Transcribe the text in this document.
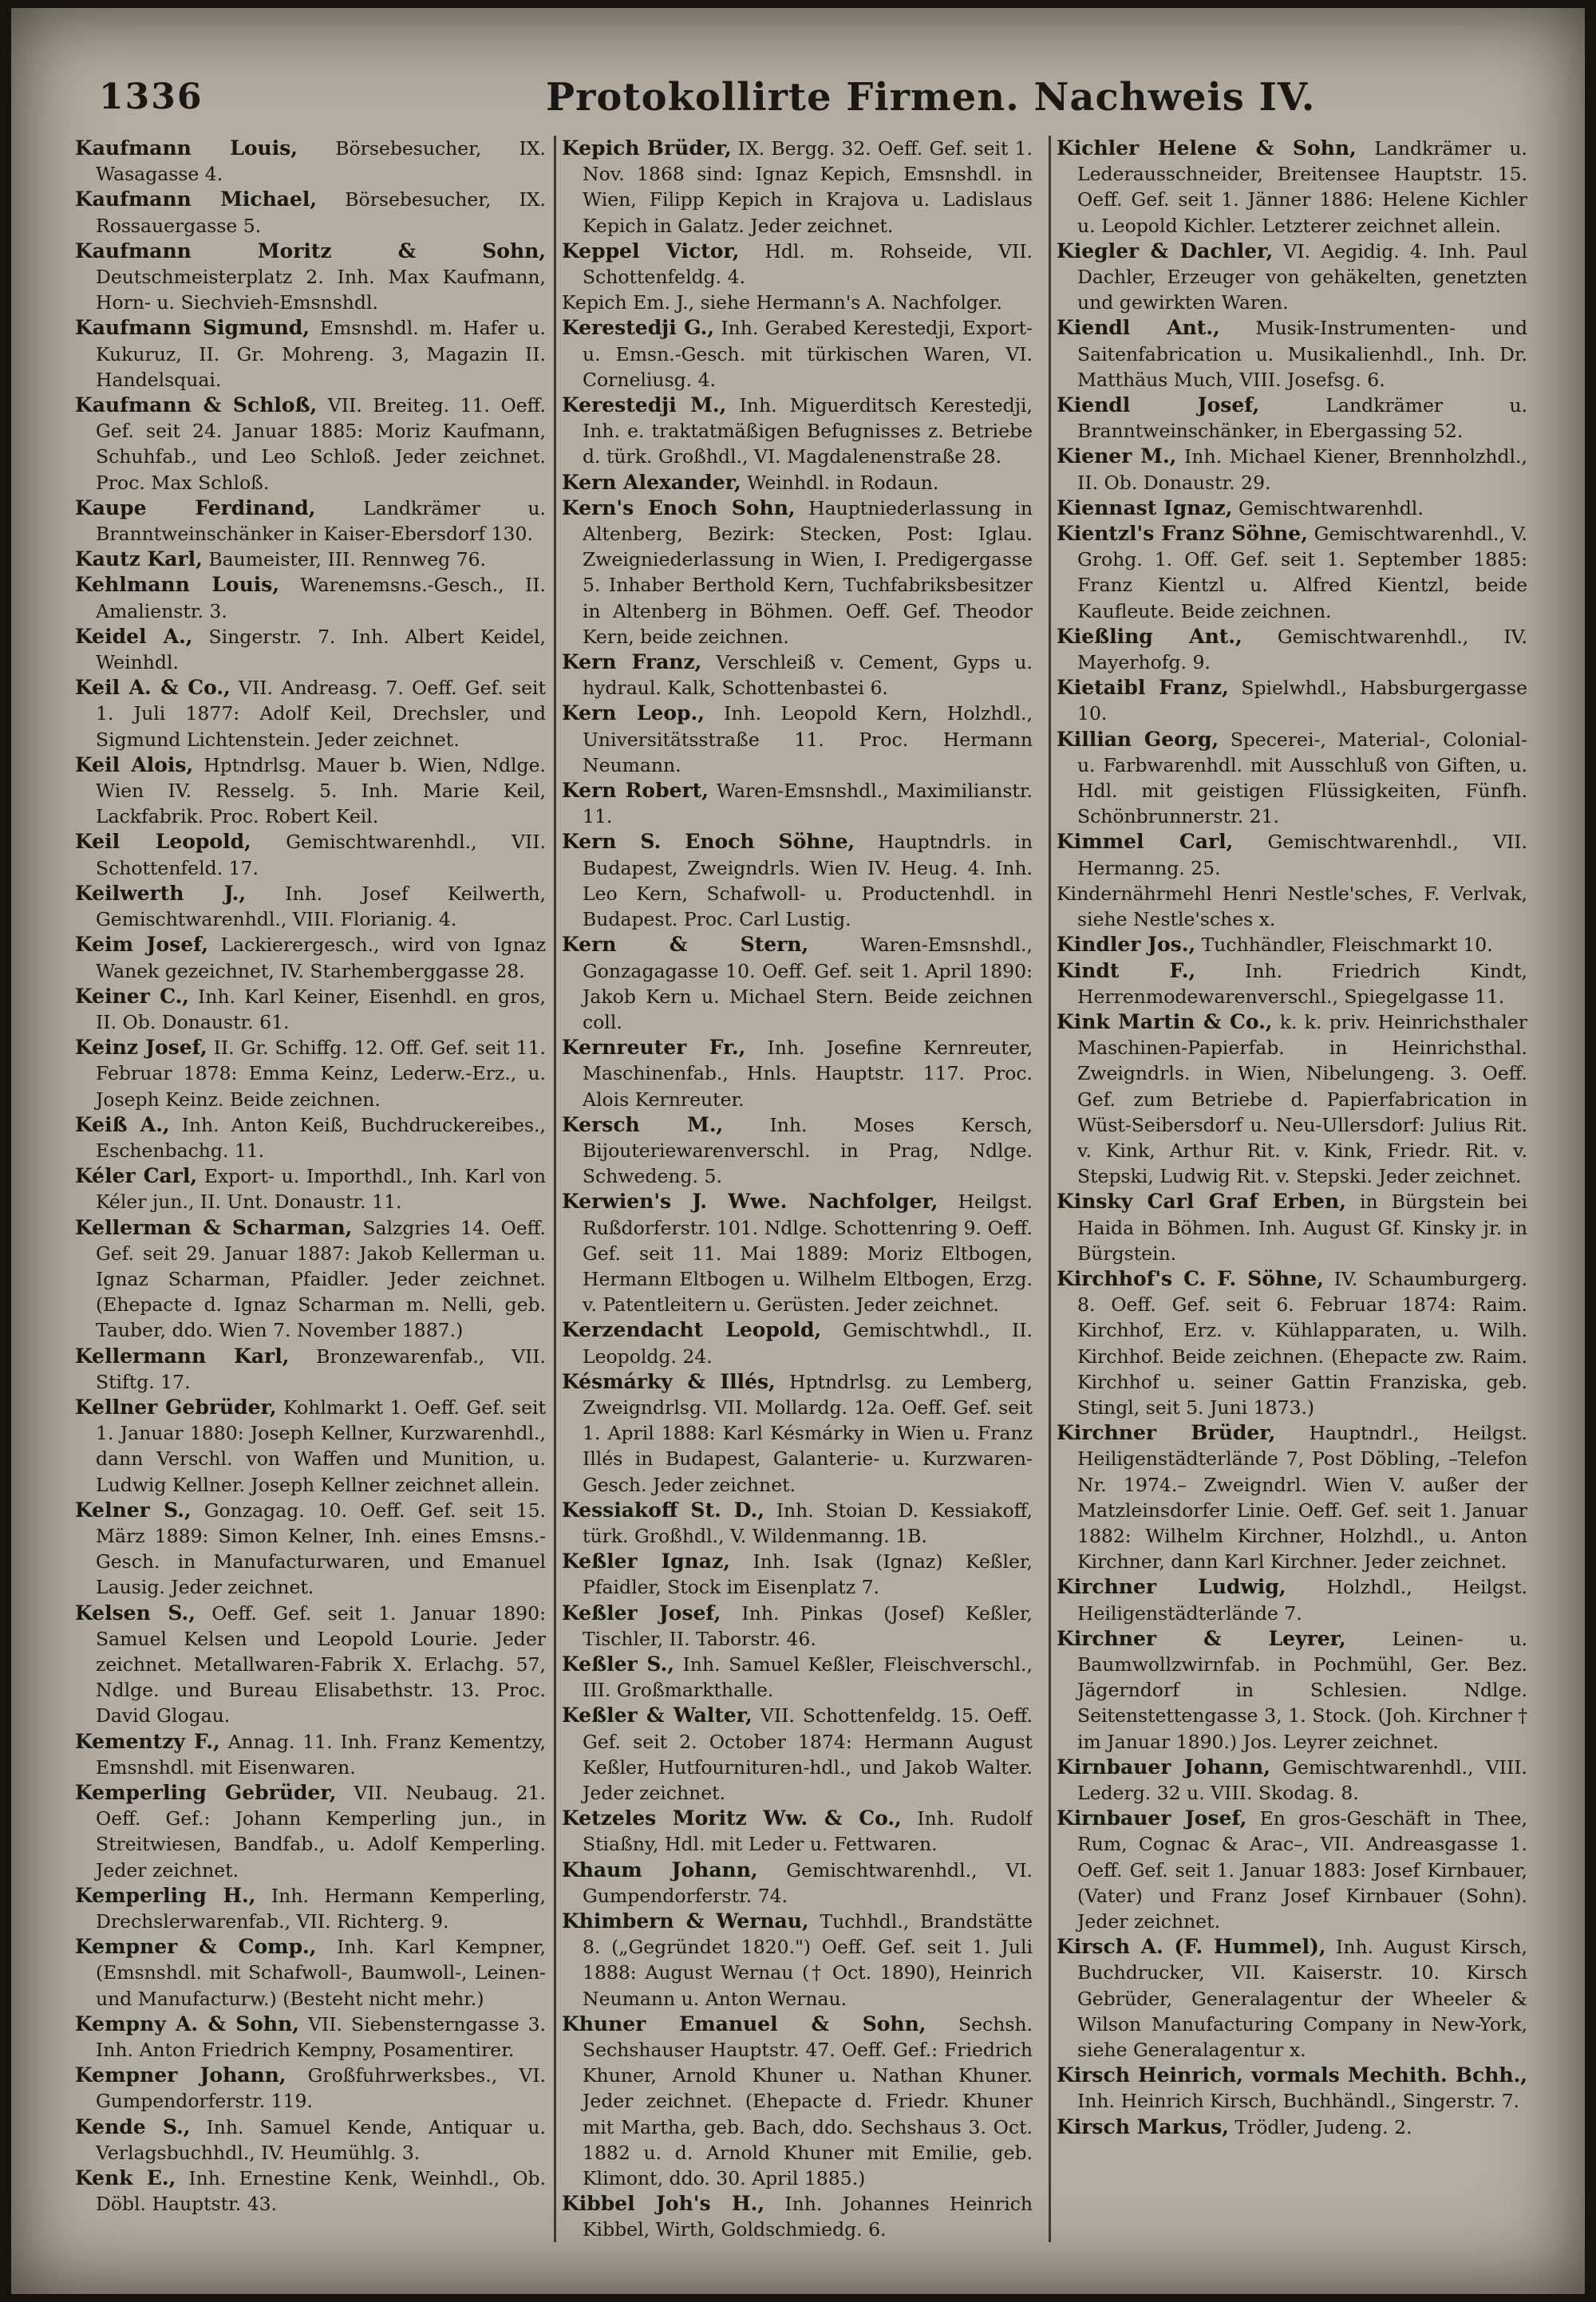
1336	Protokollirte Firmen. Nachweis IV.

Kaufmann Louis, Börsebesucher, IX. Wasagasse 4.

Kaufmann Michael, Börsebesucher, IX. Rossauergasse 5.

Kaufmann Moritz & Sohn, Deutschmeisterplatz 2. Inh. Max Kaufmann, Horn- u. Siechvieh-Emsnshdl.

Kaufmann Sigmund, Emsnshdl. m. Hafer u. Kukuruz, II. Gr. Mohreng. 3, Magazin II. Handelsquai.

Kaufmann & Schloß, VII. Breiteg. 11. Oeff. Gef. seit 24. Januar 1885: Moriz Kaufmann, Schuhfab., und Leo Schloß. Jeder zeichnet. Proc. Max Schloß.

Kaupe Ferdinand, Landkrämer u. Branntweinschänker in Kaiser-Ebersdorf 130.

Kautz Karl, Baumeister, III. Rennweg 76.

Kehlmann Louis, Warenemsns.-Gesch., II. Amalienstr. 3.

Keidel A., Singerstr. 7. Inh. Albert Keidel, Weinhdl.

Keil A. & Co., VII. Andreasg. 7. Oeff. Gef. seit 1. Juli 1877: Adolf Keil, Drechsler, und Sigmund Lichtenstein. Jeder zeichnet.

Keil Alois, Hptndrlsg. Mauer b. Wien, Ndlge. Wien IV. Resselg. 5. Inh. Marie Keil, Lackfabrik. Proc. Robert Keil.

Keil Leopold, Gemischtwarenhdl., VII. Schottenfeld. 17.

Keilwerth J., Inh. Josef Keilwerth, Gemischtwarenhdl., VIII. Florianig. 4.

Keim Josef, Lackierergesch., wird von Ignaz Wanek gezeichnet, IV. Starhemberggasse 28.

Keiner C., Inh. Karl Keiner, Eisenhdl. en gros, II. Ob. Donaustr. 61.

Keinz Josef, II. Gr. Schiffg. 12. Off. Gef. seit 11. Februar 1878: Emma Keinz, Lederw.-Erz., u. Joseph Keinz. Beide zeichnen.

Keiß A., Inh. Anton Keiß, Buchdruckereibes., Eschenbachg. 11.

Kéler Carl, Export- u. Importhdl., Inh. Karl von Kéler jun., II. Unt. Donaustr. 11.

Kellerman & Scharman, Salzgries 14. Oeff. Gef. seit 29. Januar 1887: Jakob Kellerman u. Ignaz Scharman, Pfaidler. Jeder zeichnet. (Ehepacte d. Ignaz Scharman m. Nelli, geb. Tauber, ddo. Wien 7. November 1887.)

Kellermann Karl, Bronzewarenfab., VII. Stiftg. 17.

Kellner Gebrüder, Kohlmarkt 1. Oeff. Gef. seit 1. Januar 1880: Joseph Kellner, Kurzwarenhdl., dann Verschl. von Waffen und Munition, u. Ludwig Kellner. Joseph Kellner zeichnet allein.

Kelner S., Gonzagag. 10. Oeff. Gef. seit 15. März 1889: Simon Kelner, Inh. eines Emsns.-Gesch. in Manufacturwaren, und Emanuel Lausig. Jeder zeichnet.

Kelsen S., Oeff. Gef. seit 1. Januar 1890: Samuel Kelsen und Leopold Lourie. Jeder zeichnet. Metallwaren-Fabrik X. Erlachg. 57, Ndlge. und Bureau Elisabethstr. 13. Proc. David Glogau.

Kementzy F., Annag. 11. Inh. Franz Kementzy, Emsnshdl. mit Eisenwaren.

Kemperling Gebrüder, VII. Neubaug. 21. Oeff. Gef.: Johann Kemperling jun., in Streitwiesen, Bandfab., u. Adolf Kemperling. Jeder zeichnet.

Kemperling H., Inh. Hermann Kemperling, Drechslerwarenfab., VII. Richterg. 9.

Kempner & Comp., Inh. Karl Kempner, (Emsnshdl. mit Schafwoll-, Baumwoll-, Leinen- und Manufacturw.) (Besteht nicht mehr.)

Kempny A. & Sohn, VII. Siebensterngasse 3. Inh. Anton Friedrich Kempny, Posamentirer.

Kempner Johann, Großfuhrwerksbes., VI. Gumpendorferstr. 119.

Kende S., Inh. Samuel Kende, Antiquar u. Verlagsbuchhdl., IV. Heumühlg. 3.

Kenk E., Inh. Ernestine Kenk, Weinhdl., Ob. Döbl. Hauptstr. 43.

Kepich Brüder, IX. Bergg. 32. Oeff. Gef. seit 1. Nov. 1868 sind: Ignaz Kepich, Emsnshdl. in Wien, Filipp Kepich in Krajova u. Ladislaus Kepich in Galatz. Jeder zeichnet.

Keppel Victor, Hdl. m. Rohseide, VII. Schottenfeldg. 4.

Kepich Em. J., siehe Hermann's A. Nachfolger.

Kerestedji G., Inh. Gerabed Kerestedji, Export- u. Emsn.-Gesch. mit türkischen Waren, VI. Corneliusg. 4.

Kerestedji M., Inh. Miguerditsch Kerestedji, Inh. e. traktatmäßigen Befugnisses z. Betriebe d. türk. Großhdl., VI. Magdalenenstraße 28.

Kern Alexander, Weinhdl. in Rodaun.

Kern's Enoch Sohn, Hauptniederlassung in Altenberg, Bezirk: Stecken, Post: Iglau. Zweigniederlassung in Wien, I. Predigergasse 5. Inhaber Berthold Kern, Tuchfabriksbesitzer in Altenberg in Böhmen. Oeff. Gef. Theodor Kern, beide zeichnen.

Kern Franz, Verschleiß v. Cement, Gyps u. hydraul. Kalk, Schottenbastei 6.

Kern Leop., Inh. Leopold Kern, Holzhdl., Universitätsstraße 11. Proc. Hermann Neumann.

Kern Robert, Waren-Emsnshdl., Maximilianstr. 11.

Kern S. Enoch Söhne, Hauptndrls. in Budapest, Zweigndrls. Wien IV. Heug. 4. Inh. Leo Kern, Schafwoll- u. Productenhdl. in Budapest. Proc. Carl Lustig.

Kern & Stern, Waren-Emsnshdl., Gonzagagasse 10. Oeff. Gef. seit 1. April 1890: Jakob Kern u. Michael Stern. Beide zeichnen coll.

Kernreuter Fr., Inh. Josefine Kernreuter, Maschinenfab., Hnls. Hauptstr. 117. Proc. Alois Kernreuter.

Kersch M., Inh. Moses Kersch, Bijouteriewarenverschl. in Prag, Ndlge. Schwedeng. 5.

Kerwien's J. Wwe. Nachfolger, Heilgst. Rußdorferstr. 101. Ndlge. Schottenring 9. Oeff. Gef. seit 11. Mai 1889: Moriz Eltbogen, Hermann Eltbogen u. Wilhelm Eltbogen, Erzg. v. Patentleitern u. Gerüsten. Jeder zeichnet.

Kerzendacht Leopold, Gemischtwhdl., II. Leopoldg. 24.

Késmárky & Illés, Hptndrlsg. zu Lemberg, Zweigndrlsg. VII. Mollardg. 12a. Oeff. Gef. seit 1. April 1888: Karl Késmárky in Wien u. Franz Illés in Budapest, Galanterie- u. Kurzwaren-Gesch. Jeder zeichnet.

Kessiakoff St. D., Inh. Stoian D. Kessiakoff, türk. Großhdl., V. Wildenmanng. 1B.

Keßler Ignaz, Inh. Isak (Ignaz) Keßler, Pfaidler, Stock im Eisenplatz 7.

Keßler Josef, Inh. Pinkas (Josef) Keßler, Tischler, II. Taborstr. 46.

Keßler S., Inh. Samuel Keßler, Fleischverschl., III. Großmarkthalle.

Keßler & Walter, VII. Schottenfeldg. 15. Oeff. Gef. seit 2. October 1874: Hermann August Keßler, Hutfournituren-hdl., und Jakob Walter. Jeder zeichnet.

Ketzeles Moritz Ww. & Co., Inh. Rudolf Stiaßny, Hdl. mit Leder u. Fettwaren.

Khaum Johann, Gemischtwarenhdl., VI. Gumpendorferstr. 74.

Khimbern & Wernau, Tuchhdl., Brandstätte 8. („Gegründet 1820.") Oeff. Gef. seit 1. Juli 1888: August Wernau († Oct. 1890), Heinrich Neumann u. Anton Wernau.

Khuner Emanuel & Sohn, Sechsh. Sechshauser Hauptstr. 47. Oeff. Gef.: Friedrich Khuner, Arnold Khuner u. Nathan Khuner. Jeder zeichnet. (Ehepacte d. Friedr. Khuner mit Martha, geb. Bach, ddo. Sechshaus 3. Oct. 1882 u. d. Arnold Khuner mit Emilie, geb. Klimont, ddo. 30. April 1885.)

Kibbel Joh's H., Inh. Johannes Heinrich Kibbel, Wirth, Goldschmiedg. 6.

Kichler Helene & Sohn, Landkrämer u. Lederausschneider, Breitensee Hauptstr. 15. Oeff. Gef. seit 1. Jänner 1886: Helene Kichler u. Leopold Kichler. Letzterer zeichnet allein.

Kiegler & Dachler, VI. Aegidig. 4. Inh. Paul Dachler, Erzeuger von gehäkelten, genetzten und gewirkten Waren.

Kiendl Ant., Musik-Instrumenten- und Saitenfabrication u. Musikalienhdl., Inh. Dr. Matthäus Much, VIII. Josefsg. 6.

Kiendl Josef, Landkrämer u. Branntweinschänker, in Ebergassing 52.

Kiener M., Inh. Michael Kiener, Brennholzhdl., II. Ob. Donaustr. 29.

Kiennast Ignaz, Gemischtwarenhdl.

Kientzl's Franz Söhne, Gemischtwarenhdl., V. Grohg. 1. Off. Gef. seit 1. September 1885: Franz Kientzl u. Alfred Kientzl, beide Kaufleute. Beide zeichnen.

Kießling Ant., Gemischtwarenhdl., IV. Mayerhofg. 9.

Kietaibl Franz, Spielwhdl., Habsburgergasse 10.

Killian Georg, Specerei-, Material-, Colonial- u. Farbwarenhdl. mit Ausschluß von Giften, u. Hdl. mit geistigen Flüssigkeiten, Fünfh. Schönbrunnerstr. 21.

Kimmel Carl, Gemischtwarenhdl., VII. Hermanng. 25.

Kindernährmehl Henri Nestle'sches, F. Verlvak, siehe Nestle'sches x.

Kindler Jos., Tuchhändler, Fleischmarkt 10.

Kindt F., Inh. Friedrich Kindt, Herrenmodewarenverschl., Spiegelgasse 11.

Kink Martin & Co., k. k. priv. Heinrichsthaler Maschinen-Papierfab. in Heinrichsthal. Zweigndrls. in Wien, Nibelungeng. 3. Oeff. Gef. zum Betriebe d. Papierfabrication in Wüst-Seibersdorf u. Neu-Ullersdorf: Julius Rit. v. Kink, Arthur Rit. v. Kink, Friedr. Rit. v. Stepski, Ludwig Rit. v. Stepski. Jeder zeichnet.

Kinsky Carl Graf Erben, in Bürgstein bei Haida in Böhmen. Inh. August Gf. Kinsky jr. in Bürgstein.

Kirchhof's C. F. Söhne, IV. Schaumburgerg. 8. Oeff. Gef. seit 6. Februar 1874: Raim. Kirchhof, Erz. v. Kühlapparaten, u. Wilh. Kirchhof. Beide zeichnen. (Ehepacte zw. Raim. Kirchhof u. seiner Gattin Franziska, geb. Stingl, seit 5. Juni 1873.)

Kirchner Brüder, Hauptndrl., Heilgst. Heiligenstädterlände 7, Post Döbling, –Telefon Nr. 1974.– Zweigndrl. Wien V. außer der Matzleinsdorfer Linie. Oeff. Gef. seit 1. Januar 1882: Wilhelm Kirchner, Holzhdl., u. Anton Kirchner, dann Karl Kirchner. Jeder zeichnet.

Kirchner Ludwig, Holzhdl., Heilgst. Heiligenstädterlände 7.

Kirchner & Leyrer, Leinen- u. Baumwollzwirnfab. in Pochmühl, Ger. Bez. Jägerndorf in Schlesien. Ndlge. Seitenstettengasse 3, 1. Stock. (Joh. Kirchner † im Januar 1890.) Jos. Leyrer zeichnet.

Kirnbauer Johann, Gemischtwarenhdl., VIII. Lederg. 32 u. VIII. Skodag. 8.

Kirnbauer Josef, En gros-Geschäft in Thee, Rum, Cognac & Arac–, VII. Andreasgasse 1. Oeff. Gef. seit 1. Januar 1883: Josef Kirnbauer, (Vater) und Franz Josef Kirnbauer (Sohn). Jeder zeichnet.

Kirsch A. (F. Hummel), Inh. August Kirsch, Buchdrucker, VII. Kaiserstr. 10. Kirsch Gebrüder, Generalagentur der Wheeler & Wilson Manufacturing Company in New-York, siehe Generalagentur x.

Kirsch Heinrich, vormals Mechith. Bchh., Inh. Heinrich Kirsch, Buchhändl., Singerstr. 7.

Kirsch Markus, Trödler, Judeng. 2.
